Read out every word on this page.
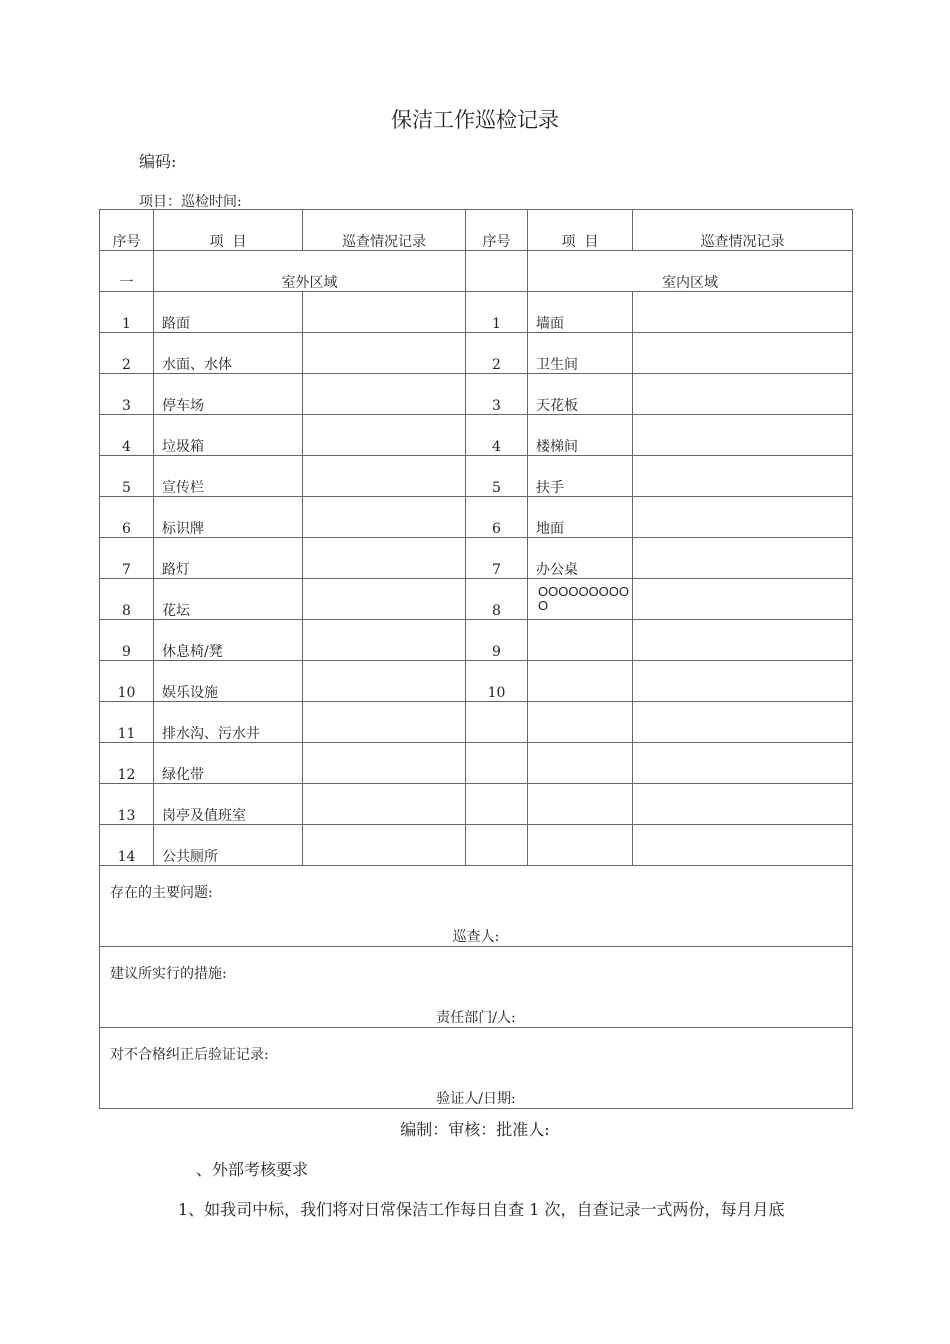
保洁工作巡检记录
编码:
项目：巡检时间:
序号	项  目	巡查情况记录	序号	项  目	巡查情况记录
一	室外区域			室内区域	
1	路面		1	墙面	
2	水面、水体		2	卫生间	
3	停车场		3	天花板	
4	垃圾箱		4	楼梯间	
5	宣传栏		5	扶手	
6	标识牌		6	地面	
7	路灯		7	办公桌	
8	花坛		8	OOOOOOOOOO	

9	休息椅/凳		9		
10	娱乐设施		10		
11	排水沟、污水井				
12	绿化带				
13	岗亭及值班室				
14	公共厕所				

存在的主要问题:
巡查人:					

建议所实行的措施:
责任部门/人:					

对不合格纠正后验证记录:
验证人/日期:					
编制：审核：批准人:
、外部考核要求
1、如我司中标，我们将对日常保洁工作每日自查 1 次，自查记录一式两份，每月月底
